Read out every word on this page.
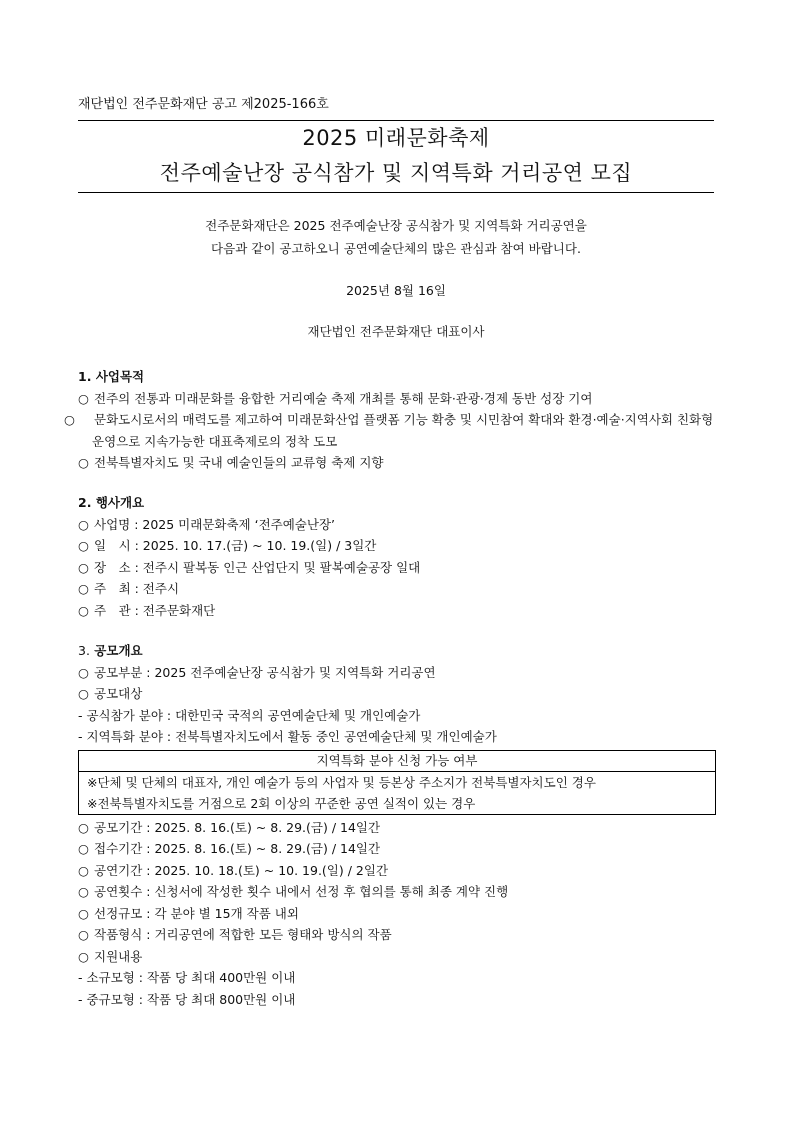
재단법인 전주문화재단 공고 제2025-166호
2025 미래문화축제
전주예술난장 공식참가 및 지역특화 거리공연 모집
전주문화재단은 2025 전주예술난장 공식참가 및 지역특화 거리공연을
다음과 같이 공고하오니 공연예술단체의 많은 관심과 참여 바랍니다.
2025년 8월 16일
재단법인 전주문화재단 대표이사
1. 사업목적
○ 전주의 전통과 미래문화를 융합한 거리예술 축제 개최를 통해 문화·관광·경제 동반 성장 기여
○ 문화도시로서의 매력도를 제고하여 미래문화산업 플랫폼 기능 확충 및 시민참여 확대와 환경·예술·지역사회 친화형 운영으로 지속가능한 대표축제로의 정착 도모
○ 전북특별자치도 및 국내 예술인들의 교류형 축제 지향
2. 행사개요
○ 사업명 : 2025 미래문화축제 ‘전주예술난장’
○ 일　시 : 2025. 10. 17.(금) ~ 10. 19.(일) / 3일간
○ 장　소 : 전주시 팔복동 인근 산업단지 및 팔복예술공장 일대
○ 주　최 : 전주시
○ 주　관 : 전주문화재단
3. 공모개요
○ 공모부분 : 2025 전주예술난장 공식참가 및 지역특화 거리공연
○ 공모대상
- 공식참가 분야 : 대한민국 국적의 공연예술단체 및 개인예술가
- 지역특화 분야 : 전북특별자치도에서 활동 중인 공연예술단체 및 개인예술가
지역특화 분야 신청 가능 여부
※단체 및 단체의 대표자, 개인 예술가 등의 사업자 및 등본상 주소지가 전북특별자치도인 경우
※전북특별자치도를 거점으로 2회 이상의 꾸준한 공연 실적이 있는 경우
○ 공모기간 : 2025. 8. 16.(토) ~ 8. 29.(금) / 14일간
○ 접수기간 : 2025. 8. 16.(토) ~ 8. 29.(금) / 14일간
○ 공연기간 : 2025. 10. 18.(토) ~ 10. 19.(일) / 2일간
○ 공연횟수 : 신청서에 작성한 횟수 내에서 선정 후 협의를 통해 최종 계약 진행
○ 선정규모 : 각 분야 별 15개 작품 내외
○ 작품형식 : 거리공연에 적합한 모든 형태와 방식의 작품
○ 지원내용
- 소규모형 : 작품 당 최대 400만원 이내
- 중규모형 : 작품 당 최대 800만원 이내
